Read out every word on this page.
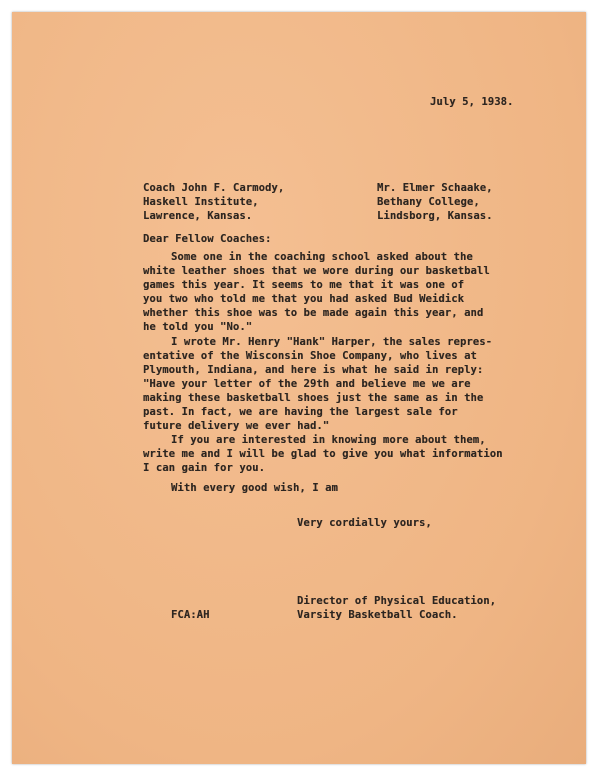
July 5, 1938.
Coach John F. Carmody,
Haskell Institute,
Lawrence, Kansas.
Mr. Elmer Schaake,
Bethany College,
Lindsborg, Kansas.
Dear Fellow Coaches:

Some one in the coaching school asked about the

white leather shoes that we wore during our basketball

games this year. It seems to me that it was one of

you two who told me that you had asked Bud Weidick

whether this shoe was to be made again this year, and

he told you "No."

I wrote Mr. Henry "Hank" Harper, the sales repres-

entative of the Wisconsin Shoe Company, who lives at

Plymouth, Indiana, and here is what he said in reply:

"Have your letter of the 29th and believe me we are

making these basketball shoes just the same as in the

past. In fact, we are having the largest sale for

future delivery we ever had."

If you are interested in knowing more about them,

write me and I will be glad to give you what information

I can gain for you.

With every good wish, I am
Very cordially yours,
FCA:AH
Director of Physical Education,
Varsity Basketball Coach.
